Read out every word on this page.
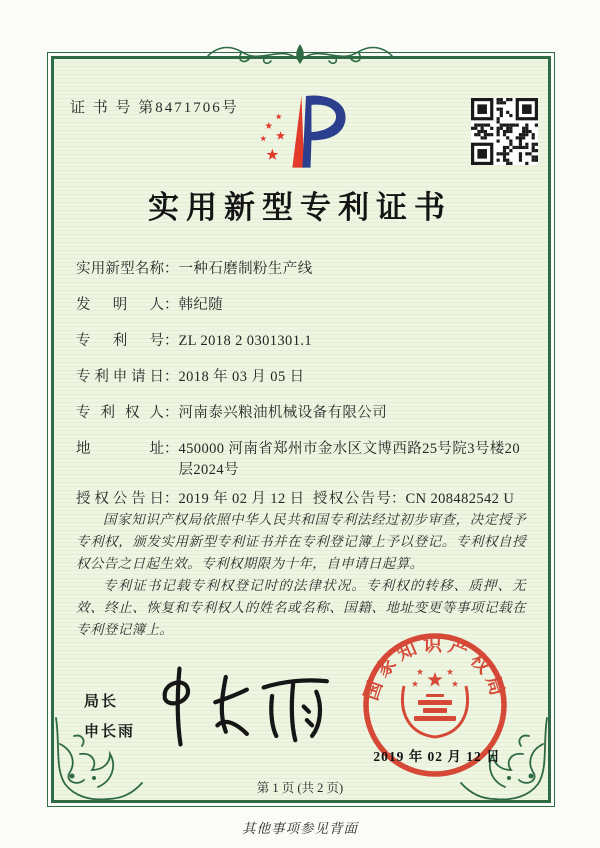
证 书 号 第8471706号
实用新型专利证书
实用新型名称 ： 一种石磨制粉生产线
发明人 ： 韩纪随
专利号 ： ZL 2018 2 0301301.1
专利申请日 ： 2018 年 03 月 05 日
专利权人 ： 河南泰兴粮油机械设备有限公司
地址 ： 450000 河南省郑州市金水区文博西路25号院3号楼20层2024号
授权公告日 ： 2019 年 02 月 12 日 授权公告号 ： CN 208482542 U

国家知识产权局依照中华人民共和国专利法经过初步审查，决定授予专利权，颁发实用新型专利证书并在专利登记簿上予以登记。专利权自授权公告之日起生效。专利权期限为十年，自申请日起算。

专利证书记载专利权登记时的法律状况。专利权的转移、质押、无效、终止、恢复和专利权人的姓名或名称、国籍、地址变更等事项记载在专利登记簿上。

局长
申长雨
国家知识产权局
2019 年 02 月 12 日
第 1 页 (共 2 页)
其他事项参见背面
